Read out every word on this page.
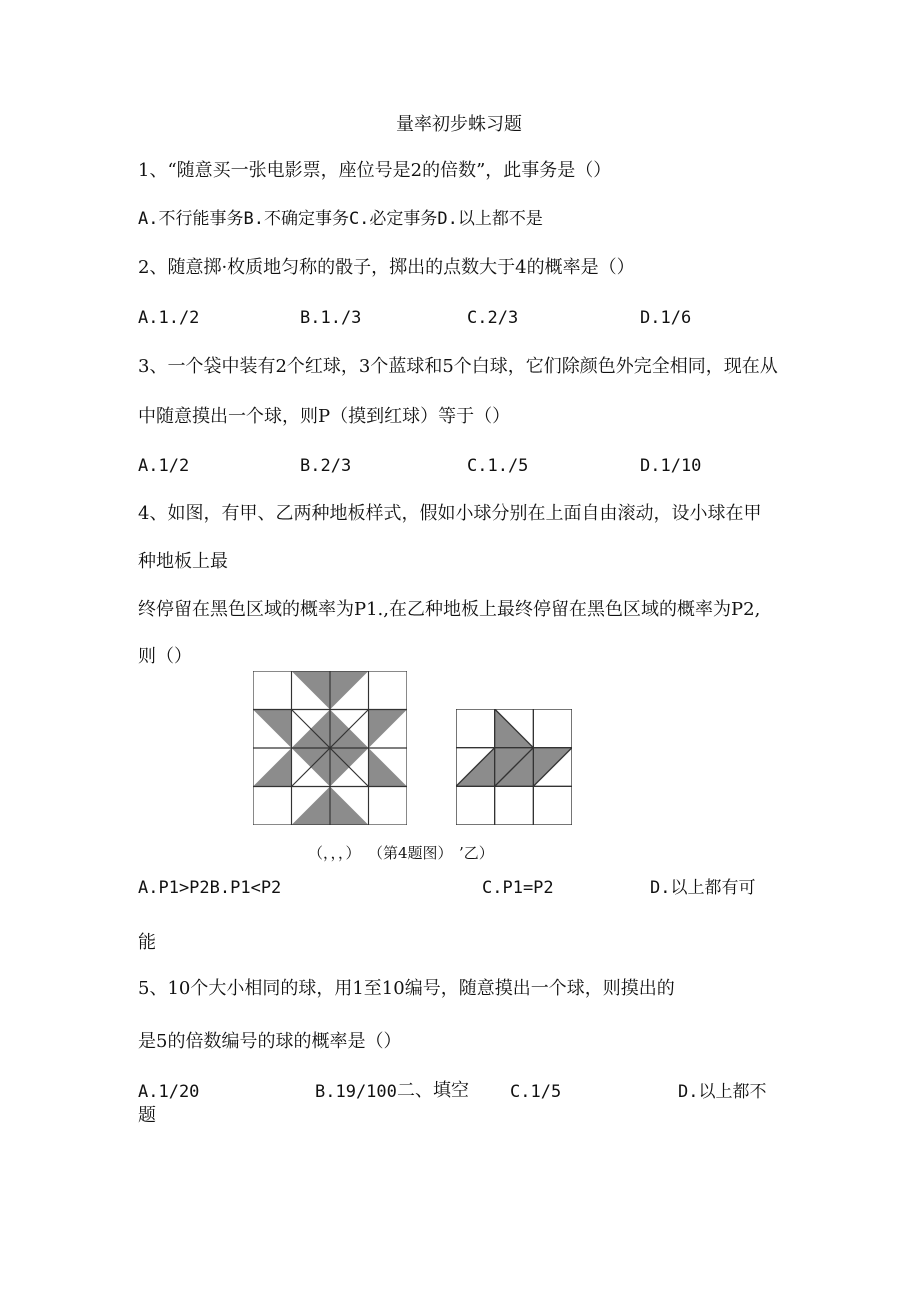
量率初步蛛习题
1、“随意买一张电影票，座位号是2的倍数”，此事务是（）
A.不行能事务B.不确定事务C.必定事务D.以上都不是
2、随意掷·枚质地匀称的骰子，掷出的点数大于4的概率是（）
A.1./2	B.1./3	C.2/3	D.1/6
3、一个袋中装有2个红球，3个蓝球和5个白球，它们除颜色外完全相同，现在从
中随意摸出一个球，则P（摸到红球）等于（）
A.1/2	B.2/3	C.1./5	D.1/10
4、如图，有甲、乙两种地板样式，假如小球分别在上面自由滚动，设小球在甲
种地板上最
终停留在黑色区域的概率为P1.,在乙种地板上最终停留在黑色区域的概率为P2,
则（）
（，，，） （第4题图） ’乙）
A.P1>P2B.P1<P2	C.P1=P2	D.以上都有可
能
5、10个大小相同的球，用1至10编号，随意摸出一个球，则摸出的
是5的倍数编号的球的概率是（）
A.1/20	B.19/100 二、填空 C.1/5	D.以上都不
题
